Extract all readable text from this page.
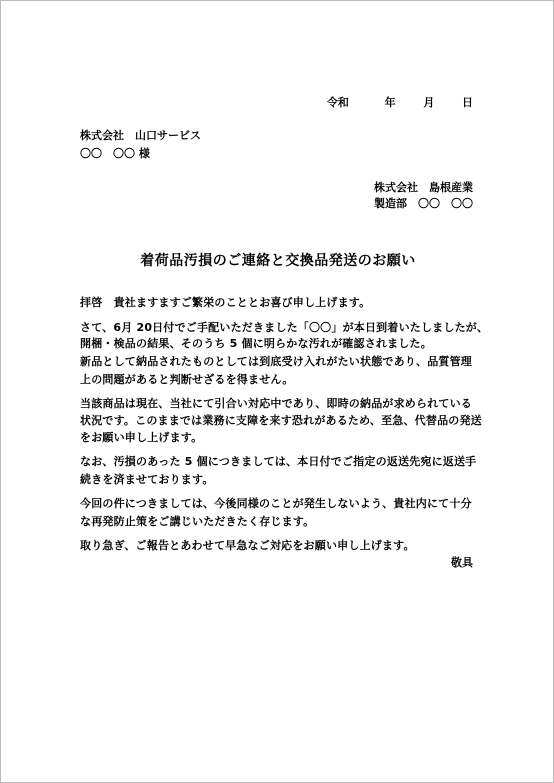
令和	年	月	日
株式会社　山口サービス
〇〇　〇〇 様
株式会社　島根産業
製造部　〇〇　〇〇
着荷品汚損のご連絡と交換品発送のお願い
拝啓　貴社ますますご繁栄のこととお喜び申し上げます。
さて、6月 20日付でご手配いただきました「〇〇」が本日到着いたしましたが、
開梱・検品の結果、そのうち 5 個に明らかな汚れが確認されました。
新品として納品されたものとしては到底受け入れがたい状態であり、品質管理
上の問題があると判断せざるを得ません。
当該商品は現在、当社にて引合い対応中であり、即時の納品が求められている
状況です。このままでは業務に支障を来す恐れがあるため、至急、代替品の発送
をお願い申し上げます。
なお、汚損のあった 5 個につきましては、本日付でご指定の返送先宛に返送手
続きを済ませております。
今回の件につきましては、今後同様のことが発生しないよう、貴社内にて十分
な再発防止策をご講じいただきたく存じます。
取り急ぎ、ご報告とあわせて早急なご対応をお願い申し上げます。
敬具
